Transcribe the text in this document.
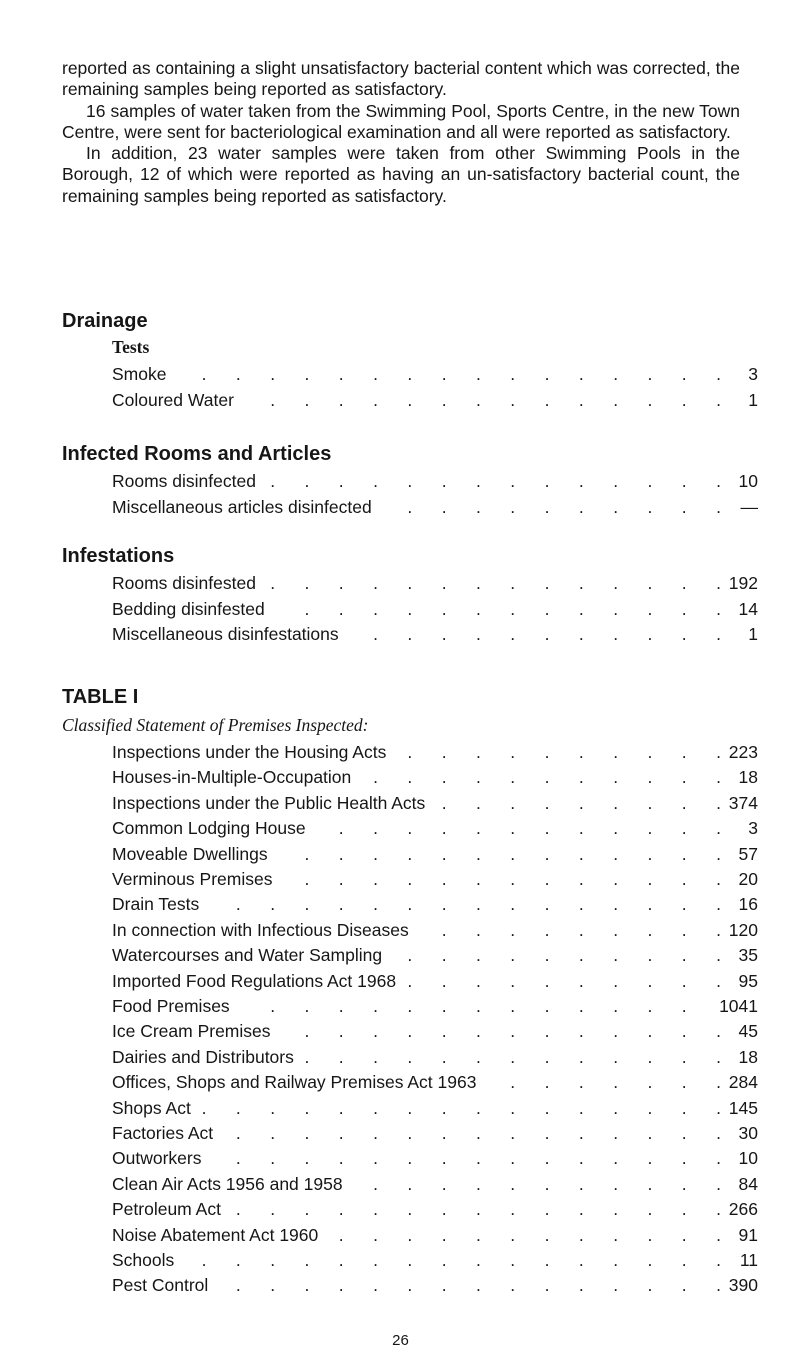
reported as containing a slight unsatisfactory bacterial content which was corrected, the remaining samples being reported as satisfactory.

16 samples of water taken from the Swimming Pool, Sports Centre, in the new Town Centre, were sent for bacteriological examination and all were reported as satisfactory.

In addition, 23 water samples were taken from other Swimming Pools in the Borough, 12 of which were reported as having an un-satisfactory bacterial count, the remaining samples being reported as satisfactory.

Drainage
Tests
Smoke . . . . . . . . . . . . . . . . 3
Coloured Water . . . . . . . . . . . . . . 1
Infected Rooms and Articles
Rooms disinfected . . . . . . . . . . . . . . 10
Miscellaneous articles disinfected . . . . . . . . . . —
Infestations
Rooms disinfested . . . . . . . . . . . . . . 192
Bedding disinfested . . . . . . . . . . . . . 14
Miscellaneous disinfestations . . . . . . . . . . . 1
TABLE I
Classified Statement of Premises Inspected:
Inspections under the Housing Acts . . . . . . . . . . 223
Houses-in-Multiple-Occupation . . . . . . . . . . . 18
Inspections under the Public Health Acts . . . . . . . . . 374
Common Lodging House . . . . . . . . . . . . 3
Moveable Dwellings . . . . . . . . . . . . . 57
Verminous Premises . . . . . . . . . . . . . 20
Drain Tests . . . . . . . . . . . . . . . 16
In connection with Infectious Diseases . . . . . . . . . 120
Watercourses and Water Sampling . . . . . . . . . . 35
Imported Food Regulations Act 1968 . . . . . . . . . . 95
Food Premises . . . . . . . . . . . . . 1041
Ice Cream Premises . . . . . . . . . . . . . 45
Dairies and Distributors . . . . . . . . . . . . . 18
Offices, Shops and Railway Premises Act 1963 . . . . . . . 284
Shops Act . . . . . . . . . . . . . . . . 145
Factories Act . . . . . . . . . . . . . . . 30
Outworkers . . . . . . . . . . . . . . . 10
Clean Air Acts 1956 and 1958 . . . . . . . . . . . 84
Petroleum Act . . . . . . . . . . . . . . . 266
Noise Abatement Act 1960 . . . . . . . . . . . . 91
Schools . . . . . . . . . . . . . . . . 11
Pest Control . . . . . . . . . . . . . . . 390
26
